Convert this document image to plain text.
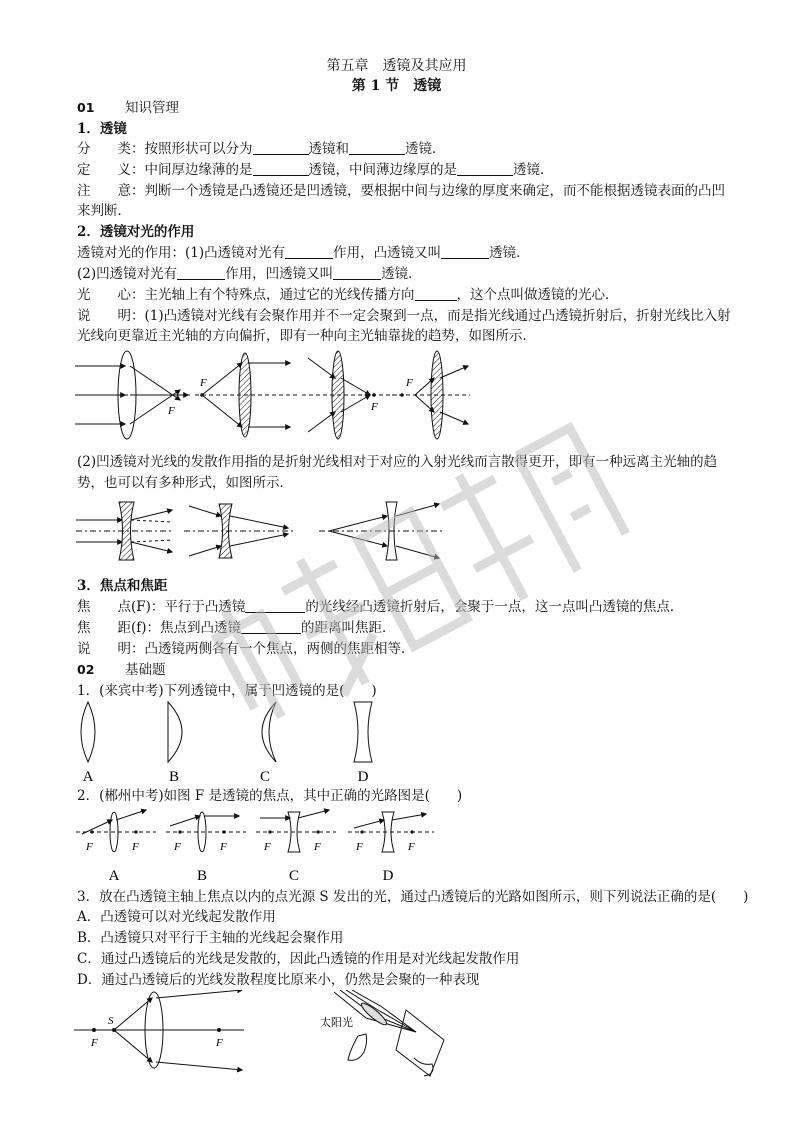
第五章　透镜及其应用
第 1 节　透镜
01 知识管理
1．透镜
分　　类：按照形状可以分为	透镜和	透镜．
定　　义：中间厚边缘薄的是	透镜，中间薄边缘厚的是	透镜．
注　　意：判断一个透镜是凸透镜还是凹透镜，要根据中间与边缘的厚度来确定，而不能根据透镜表面的凸凹
来判断．
2．透镜对光的作用
透镜对光的作用：(1)凸透镜对光有	作用，凸透镜又叫	透镜．
(2)凹透镜对光有	作用，凹透镜又叫	透镜．
光　　心：主光轴上有个特殊点，通过它的光线传播方向	，这个点叫做透镜的光心．
说　　明：(1)凸透镜对光线有会聚作用并不一定会聚到一点，而是指光线通过凸透镜折射后，折射光线比入射
光线向更靠近主光轴的方向偏折，即有一种向主光轴靠拢的趋势，如图所示．
F
F
F
F
(2)凹透镜对光线的发散作用指的是折射光线相对于对应的入射光线而言散得更开，即有一种远离主光轴的趋
势，也可以有多种形式，如图所示．
3．焦点和焦距
焦　　点(F)：平行于凸透镜	的光线经凸透镜折射后，会聚于一点，这一点叫凸透镜的焦点．
焦　　距(f)：焦点到凸透镜	的距离叫焦距．
说　　明：凸透镜两侧各有一个焦点，两侧的焦距相等．
02 基础题
1．(来宾中考)下列透镜中，属于凹透镜的是(　　)
A	B	C	D
2．(郴州中考)如图 F 是透镜的焦点，其中正确的光路图是(　　)
F	F
A
F	F
B
F	F
C
F	F
D
3．放在凸透镜主轴上焦点以内的点光源 S 发出的光，通过凸透镜后的光路如图所示，则下列说法正确的是(　　)
A．凸透镜可以对光线起发散作用
B．凸透镜只对平行于主轴的光线起会聚作用
C．通过凸透镜后的光线是发散的，因此凸透镜的作用是对光线起发散作用
D．通过凸透镜后的光线发散程度比原来小，仍然是会聚的一种表现
S
F	F
太阳光
